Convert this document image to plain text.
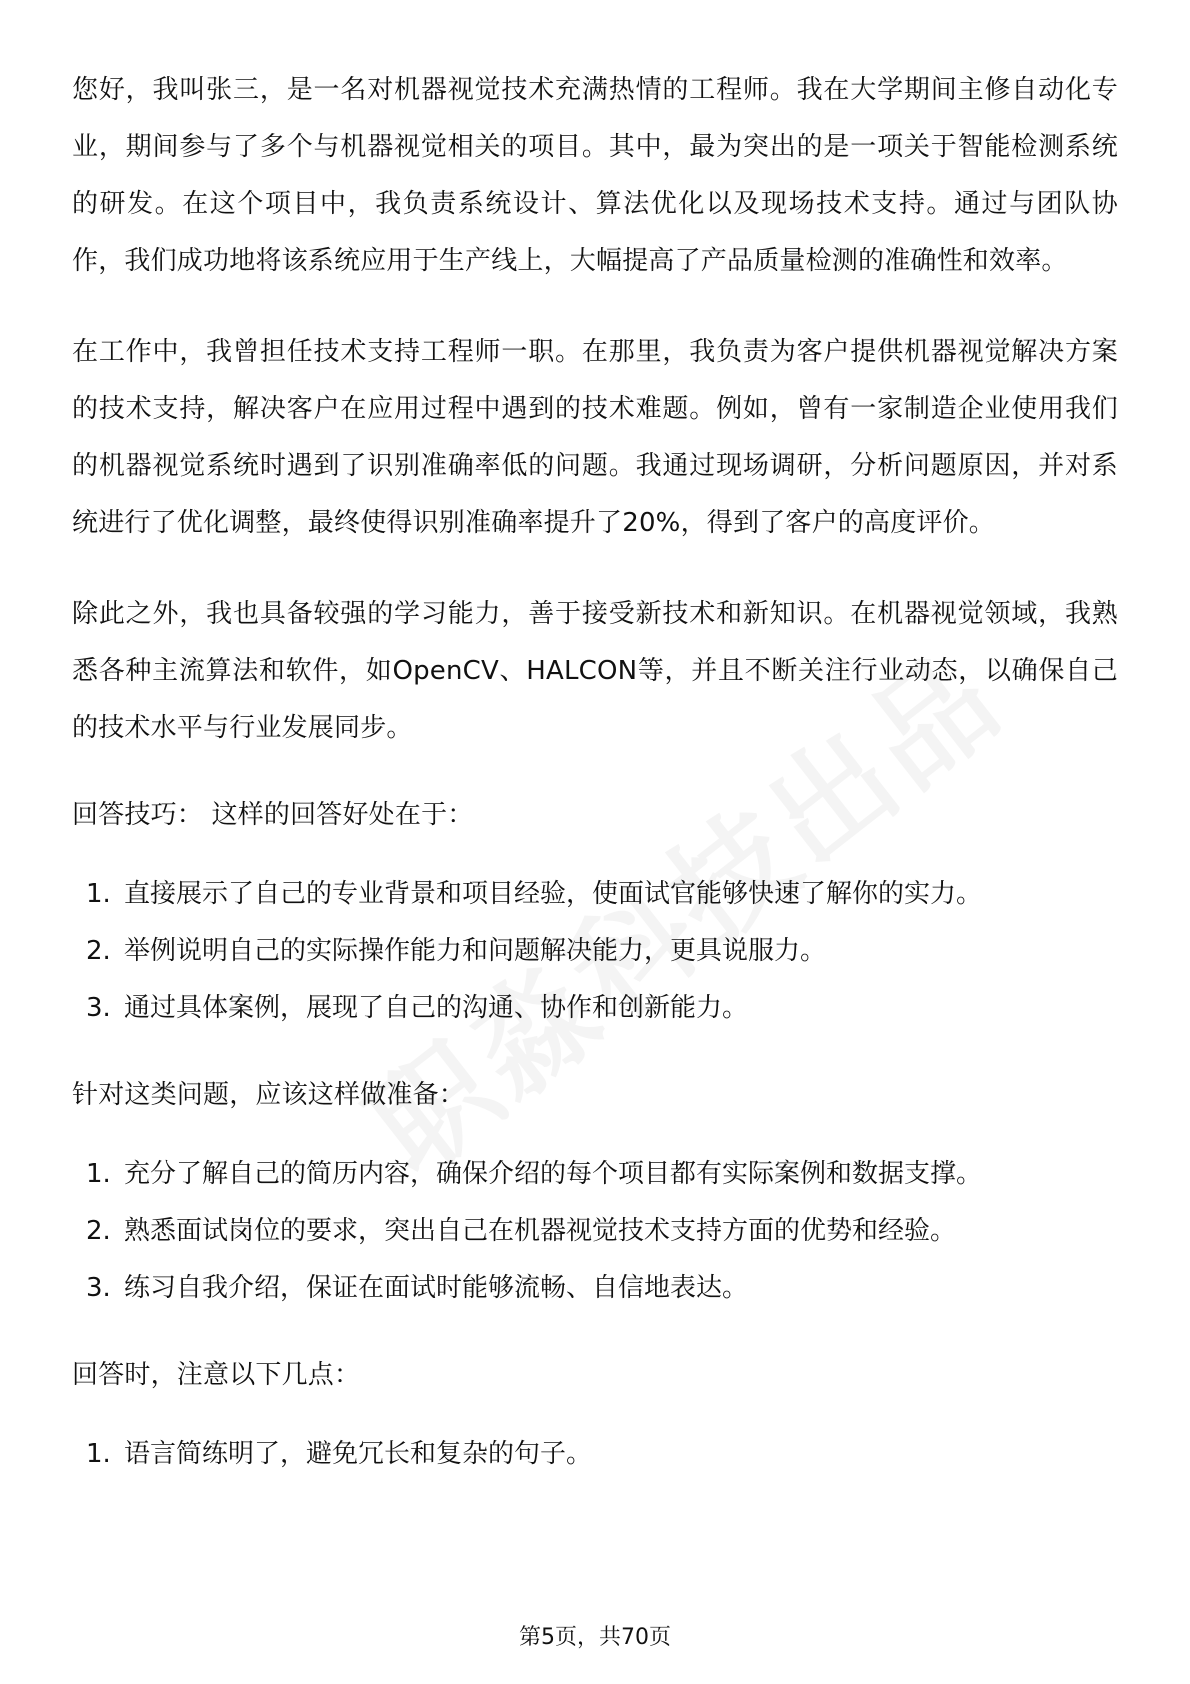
您好，我叫张三，是一名对机器视觉技术充满热情的工程师。我在大学期间主修自动化专业，期间参与了多个与机器视觉相关的项目。其中，最为突出的是一项关于智能检测系统的研发。在这个项目中，我负责系统设计、算法优化以及现场技术支持。通过与团队协作，我们成功地将该系统应用于生产线上，大幅提高了产品质量检测的准确性和效率。

在工作中，我曾担任技术支持工程师一职。在那里，我负责为客户提供机器视觉解决方案的技术支持，解决客户在应用过程中遇到的技术难题。例如，曾有一家制造企业使用我们的机器视觉系统时遇到了识别准确率低的问题。我通过现场调研，分析问题原因，并对系统进行了优化调整，最终使得识别准确率提升了20%，得到了客户的高度评价。

除此之外，我也具备较强的学习能力，善于接受新技术和新知识。在机器视觉领域，我熟悉各种主流算法和软件，如OpenCV、HALCON等，并且不断关注行业动态，以确保自己的技术水平与行业发展同步。

回答技巧： 这样的回答好处在于：

1. 直接展示了自己的专业背景和项目经验，使面试官能够快速了解你的实力。
2. 举例说明自己的实际操作能力和问题解决能力，更具说服力。
3. 通过具体案例，展现了自己的沟通、协作和创新能力。

针对这类问题，应该这样做准备：

1. 充分了解自己的简历内容，确保介绍的每个项目都有实际案例和数据支撑。
2. 熟悉面试岗位的要求，突出自己在机器视觉技术支持方面的优势和经验。
3. 练习自我介绍，保证在面试时能够流畅、自信地表达。

回答时，注意以下几点：

1. 语言简练明了，避免冗长和复杂的句子。
第5页，共70页
